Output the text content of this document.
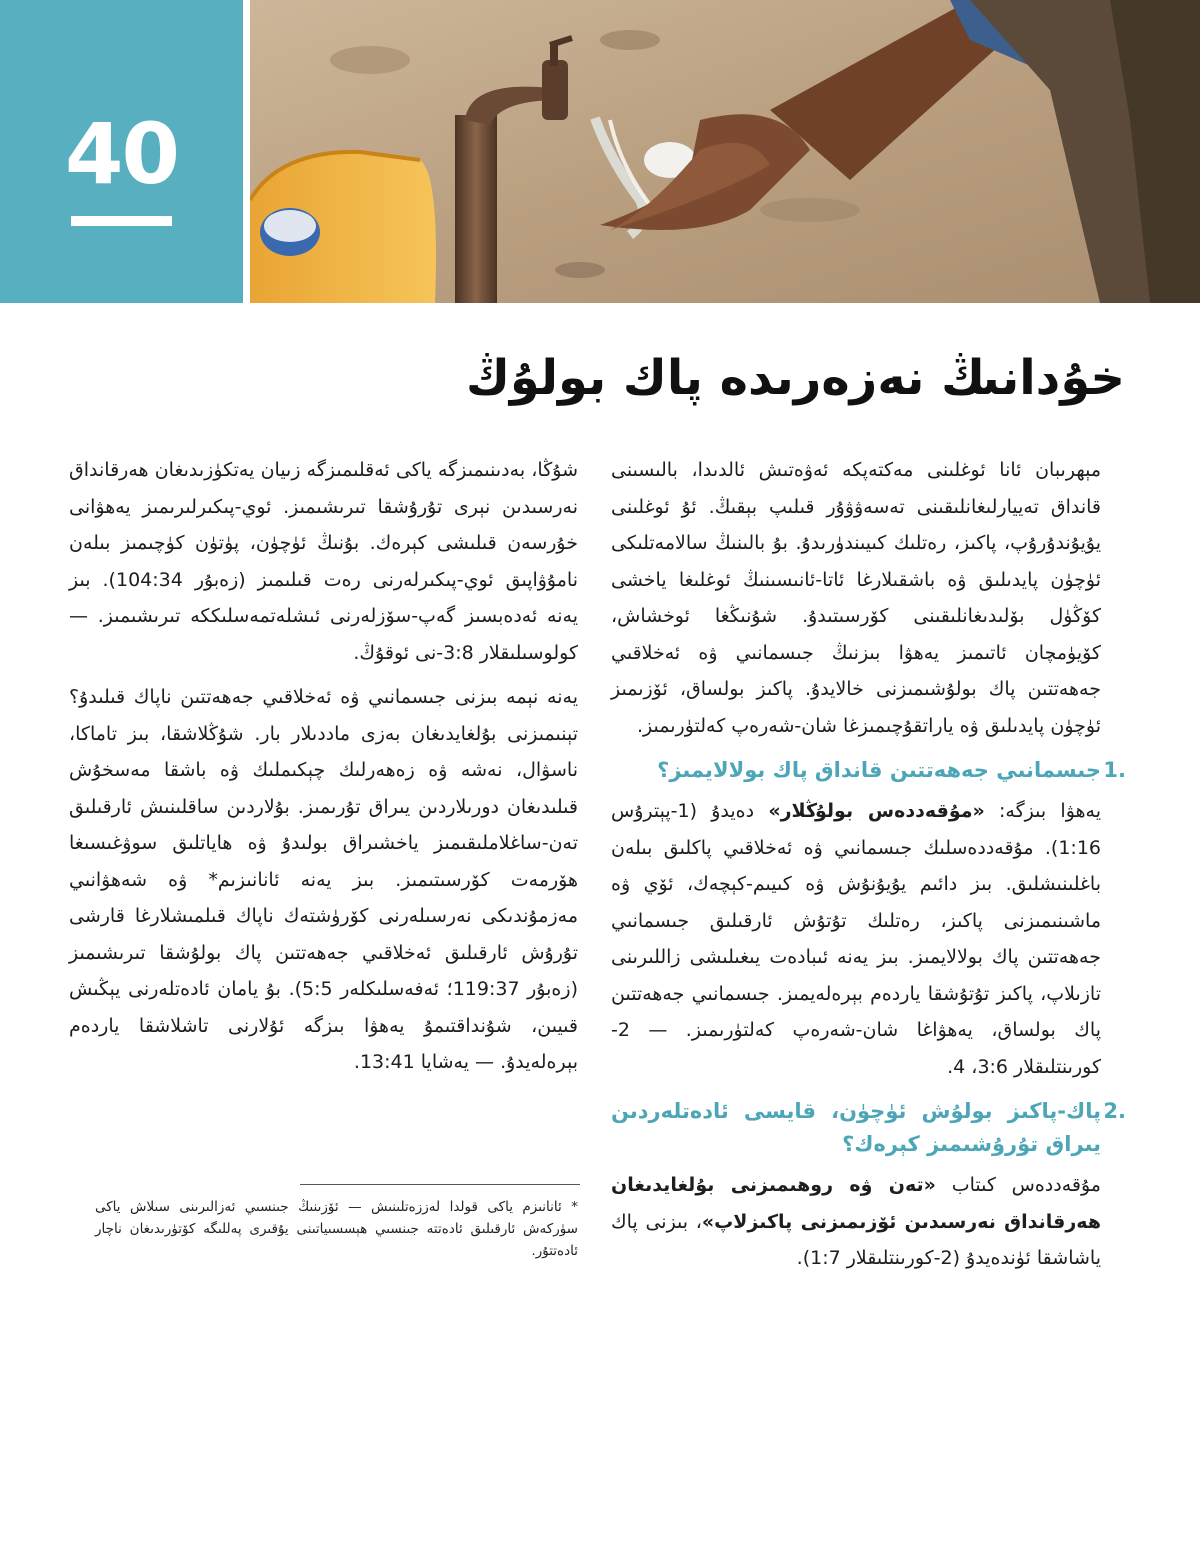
40
خۇدانىڭ نەزەرىدە پاك بولۇڭ

مېھرىبان ئانا ئوغلىنى مەكتەپكە ئەۋەتىش ئالدىدا، بالىسىنى قانداق تەييارلىغانلىقىنى تەسەۋۋۇر قىلىپ بېقىڭ. ئۇ ئوغلىنى يۇيۇندۇرۇپ، پاكىز، رەتلىك كىيىندۈرىدۇ. بۇ بالىنىڭ سالامەتلىكى ئۈچۈن پايدىلىق ۋە باشقىلارغا ئاتا-ئانىسىنىڭ ئوغلىغا ياخشى كۆڭۈل بۆلىدىغانلىقىنى كۆرسىتىدۇ. شۇنىڭغا ئوخشاش، كۆيۈمچان ئاتىمىز يەھۋا بىزنىڭ جىسمانىي ۋە ئەخلاقىي جەھەتتىن پاك بولۇشىمىزنى خالايدۇ. پاكىز بولساق، ئۆزىمىز ئۈچۈن پايدىلىق ۋە ياراتقۇچىمىزغا شان-شەرەپ كەلتۈرىمىز.

.1
جىسمانىي جەھەتتىن قانداق پاك بولالايمىز؟

يەھۋا بىزگە: «مۇقەددەس بولۇڭلار» دەيدۇ (1-پېترۇس 1:16). مۇقەددەسلىك جىسمانىي ۋە ئەخلاقىي پاكلىق بىلەن باغلىنىشلىق. بىز دائىم يۇيۇنۇش ۋە كىيىم-كېچەك، ئۆي ۋە ماشىنىمىزنى پاكىز، رەتلىك تۇتۇش ئارقىلىق جىسمانىي جەھەتتىن پاك بولالايمىز. بىز يەنە ئىبادەت يىغىلىشى زاللىرىنى تازىلاپ، پاكىز تۇتۇشقا ياردەم بېرەلەيمىز. جىسمانىي جەھەتتىن پاك بولساق، يەھۋاغا شان-شەرەپ كەلتۈرىمىز. — 2-كورىنتلىقلار 3:6، 4.

.2
پاك-پاكىز بولۇش ئۈچۈن، قايسى ئادەتلەردىن يىراق تۇرۇشىمىز كېرەك؟

مۇقەددەس كىتاب «تەن ۋە روھىمىزنى بۇلغايدىغان ھەرقانداق نەرسىدىن ئۆزىمىزنى پاكىزلاپ»، بىزنى پاك ياشاشقا ئۈندەيدۇ (2-كورىنتلىقلار 1:7).

شۇڭا، بەدىنىمىزگە ياكى ئەقلىمىزگە زىيان يەتكۈزىدىغان ھەرقانداق نەرسىدىن نېرى تۇرۇشقا تىرىشىمىز. ئوي-پىكىرلىرىمىز يەھۋانى خۇرسەن قىلىشى كېرەك. بۇنىڭ ئۈچۈن، پۈتۈن كۈچىمىز بىلەن نامۇۋاپىق ئوي-پىكىرلەرنى رەت قىلىمىز (زەبۇر 104:34). بىز يەنە ئەدەبسىز گەپ-سۆزلەرنى ئىشلەتمەسلىككە تىرىشىمىز. — كولوسىلىقلار 3:8-نى ئوقۇڭ.

يەنە نېمە بىزنى جىسمانىي ۋە ئەخلاقىي جەھەتتىن ناپاك قىلىدۇ؟ تېنىمىزنى بۇلغايدىغان بەزى ماددىلار بار. شۇڭلاشقا، بىز تاماكا، ناسۋال، نەشە ۋە زەھەرلىك چېكىملىك ۋە باشقا مەسخۇش قىلىدىغان دورىلاردىن يىراق تۇرىمىز. بۇلاردىن ساقلىنىش ئارقىلىق تەن-ساغلاملىقىمىز ياخشىراق بولىدۇ ۋە ھاياتلىق سوۋغىسىغا ھۆرمەت كۆرسىتىمىز. بىز يەنە ئانانىزىم* ۋە شەھۋانىي مەزمۇندىكى نەرسىلەرنى كۆرۈشتەك ناپاك قىلمىشلارغا قارشى تۇرۇش ئارقىلىق ئەخلاقىي جەھەتتىن پاك بولۇشقا تىرىشىمىز (زەبۇر 119:37؛ ئەفەسلىكلەر 5:5). بۇ يامان ئادەتلەرنى يېڭىش قىيىن، شۇنداقتىمۇ يەھۋا بىزگە ئۇلارنى تاشلاشقا ياردەم بېرەلەيدۇ. — يەشايا 13:41.

* ئانانىزم ياكى قولدا لەززەتلىنىش — ئۆزىنىڭ جىنسىي ئەزالىرىنى سىلاش ياكى سۈركەش ئارقىلىق ئادەتتە جىنسىي ھېسسىياتىنى يۇقىرى پەللىگە كۆتۈرىدىغان ناچار ئادەتتۇر.
